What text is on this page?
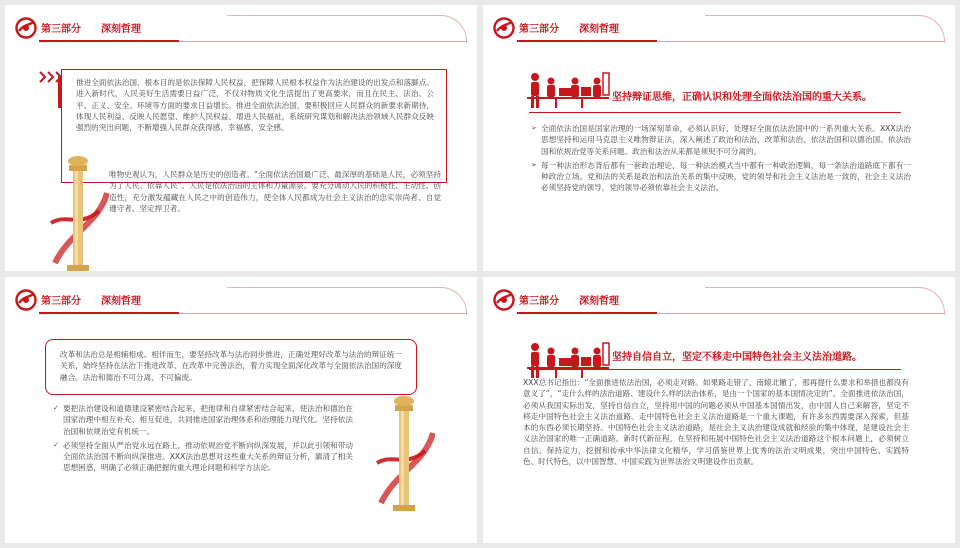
第三部分 深刻哲理
推进全面依法治国，根本目的是依法保障人民权益，把保障人民根本权益作为法治建设的出发点和落脚点。进入新时代，人民美好生活需要日益广泛，不仅对物质文化生活提出了更高要求，而且在民主、法治、公平、正义、安全、环境等方面的要求日益增长。推进全面依法治国，要积极回应人民群众的新要求新期待，体现人民利益、反映人民愿望、维护人民权益、增进人民福祉，系统研究谋划和解决法治领域人民群众反映强烈的突出问题，不断增强人民群众获得感、幸福感、安全感。

唯物史观认为，人民群众是历史的创造者。“全面依法治国最广泛、最深厚的基础是人民，必须坚持为了人民、依靠人民”，人民是依法治国的主体和力量源泉。要充分调动人民的积极性、主动性、创造性，充分激发蕴藏在人民之中的创造伟力，使全体人民都成为社会主义法治的忠实崇尚者、自觉遵守者、坚定捍卫者。

第三部分 深刻哲理
坚持辩证思维，正确认识和处理全面依法治国的重大关系。
➢ 全面依法治国是国家治理的一场深刻革命，必须认识好、处理好全面依法治国中的一系列重大关系。XXX法治思想坚持和运用马克思主义唯物辩证法，深入阐述了政治和法治、改革和法治、依法治国和以德治国、依法治国和依规治党等关系问题。政治和法治从来都是须臾不可分离的。
➢ 每一种法治形态背后都有一套政治理论，每一种法治模式当中都有一种政治逻辑，每一条法治道路底下都有一种政治立场。党和法的关系是政治和法治关系的集中反映，党的领导和社会主义法治是一致的，社会主义法治必须坚持党的领导，党的领导必须依靠社会主义法治。
第三部分 深刻哲理
改革和法治总是相辅相成、相伴而生，要坚持改革与法治同步推进，正确处理好改革与法治的辩证统一关系，始终坚持在法治下推进改革、在改革中完善法治，着力实现全面深化改革与全面依法治国的深度融合。法治和德治不可分离、不可偏废。
✓ 要把法治建设和道德建设紧密结合起来，把他律和自律紧密结合起来，使法治和德治在国家治理中相互补充、相互促进，共同推进国家治理体系和治理能力现代化。坚持依法治国和依规治党有机统一。
✓ 必须坚持全面从严治党永远在路上，推动依规治党不断向纵深发展，并以此引领和带动全面依法治国不断向纵深推进。XXX法治思想对这些重大关系的辩证分析，廓清了相关思想困惑，明确了必须正确把握的重大理论问题和科学方法论。
第三部分 深刻哲理
坚持自信自立，坚定不移走中国特色社会主义法治道路。

XXX总书记指出：“全面推进依法治国，必须走对路。如果路走错了，南辕北辙了，那再提什么要求和举措也都没有意义了”，“走什么样的法治道路、建设什么样的法治体系，是由一个国家的基本国情决定的”。全面推进依法治国，必须从我国实际出发，坚持自信自立，坚持用中国的问题必须从中国基本国情出发，由中国人自己来解答，坚定不移走中国特色社会主义法治道路。走中国特色社会主义法治道路是一个重大课题，有许多东西需要深入探索，但基本的东西必须长期坚持。中国特色社会主义法治道路，是社会主义法治建设成就和经验的集中体现，是建设社会主义法治国家的唯一正确道路。新时代新征程，在坚持和拓展中国特色社会主义法治道路这个根本问题上，必须树立自信、保持定力，挖掘和传承中华法律文化精华，学习借鉴世界上优秀的法治文明成果，突出中国特色、实践特色、时代特色，以中国智慧、中国实践为世界法治文明建设作出贡献。
